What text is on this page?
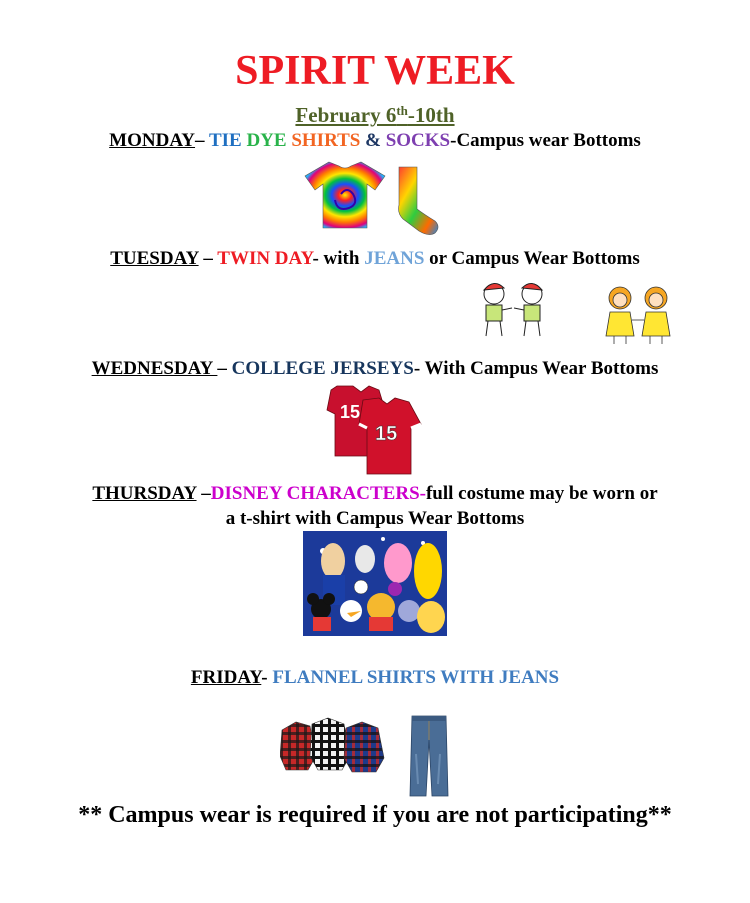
SPIRIT WEEK
February 6th-10th
MONDAY– TIE DYE SHIRTS & SOCKS-Campus wear Bottoms
TUESDAY – TWIN DAY- with JEANS or Campus Wear Bottoms
WEDNESDAY – COLLEGE JERSEYS- With Campus Wear Bottoms
15
15
THURSDAY –DISNEY CHARACTERS-full costume may be worn or
a t-shirt with Campus Wear Bottoms
FRIDAY- FLANNEL SHIRTS WITH JEANS
** Campus wear is required if you are not participating**
